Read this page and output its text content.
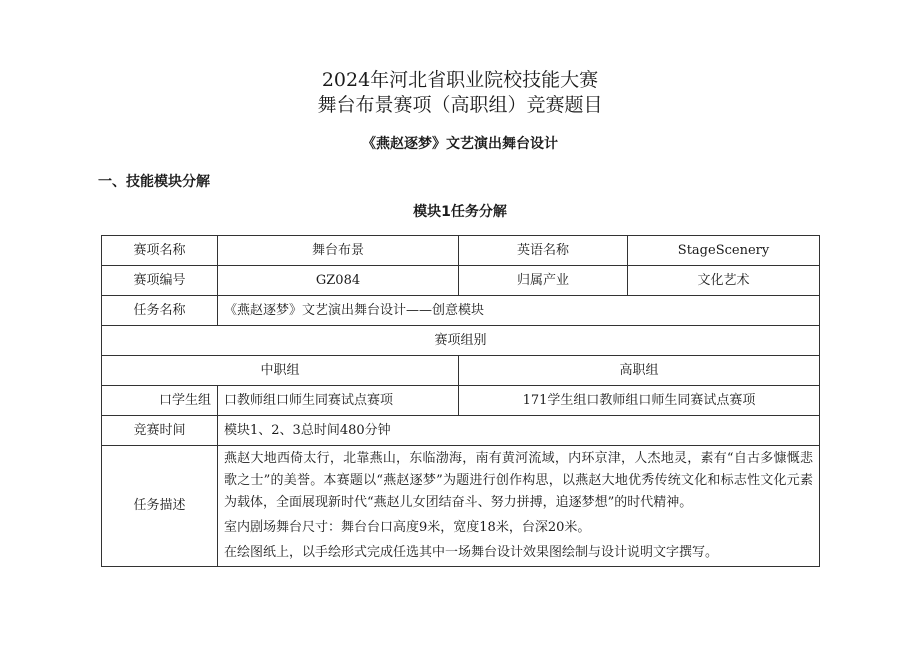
2024年河北省职业院校技能大赛
舞台布景赛项（高职组）竞赛题目
《燕赵逐梦》文艺演出舞台设计
一、技能模块分解
模块1任务分解
赛项名称	舞台布景	英语名称	StageScenery
赛项编号	GZ084	归属产业	文化艺术
任务名称	《燕赵逐梦》文艺演出舞台设计——创意模块		
赛项组别			
中职组		高职组	
口学生组	口教师组口师生同赛试点赛项	171学生组口教师组口师生同赛试点赛项	
竞赛时间	模块1、2、3总时间480分钟		
任务描述	燕赵大地西倚太行，北靠燕山，东临渤海，南有黄河流域，内环京津，人杰地灵，素有“自古多慷慨悲歌之士”的美誉。本赛题以“燕赵逐梦”为题进行创作构思，以燕赵大地优秀传统文化和标志性文化元素为载体，全面展现新时代“燕赵儿女团结奋斗、努力拼搏，追逐梦想”的时代精神。

室内剧场舞台尺寸：舞台台口高度9米，宽度18米，台深20米。

在绘图纸上，以手绘形式完成任选其中一场舞台设计效果图绘制与设计说明文字撰写。		
